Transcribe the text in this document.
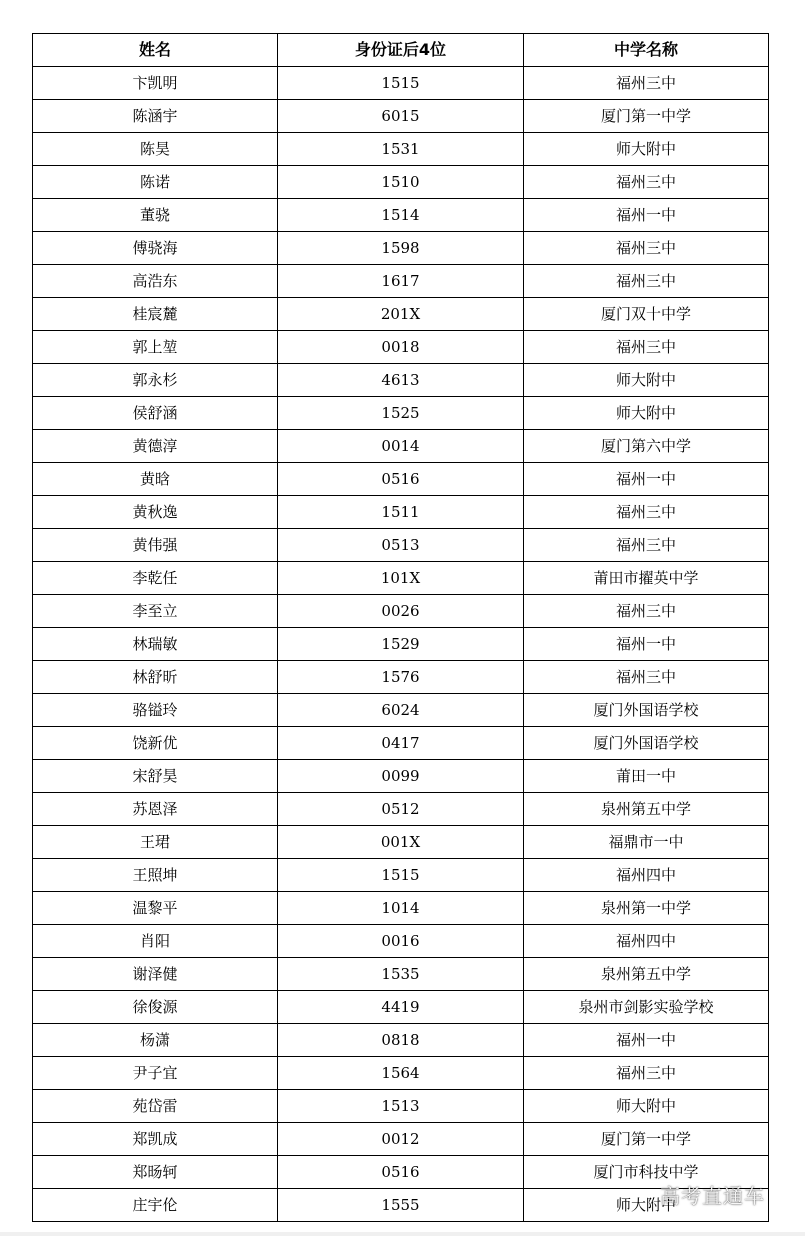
姓名	身份证后4位	中学名称
卞凯明	1515	福州三中
陈涵宇	6015	厦门第一中学
陈昊	1531	师大附中
陈诺	1510	福州三中
董骁	1514	福州一中
傅骁海	1598	福州三中
高浩东	1617	福州三中
桂宸麓	201X	厦门双十中学
郭上堃	0018	福州三中
郭永杉	4613	师大附中
侯舒涵	1525	师大附中
黄德淳	0014	厦门第六中学
黄晗	0516	福州一中
黄秋逸	1511	福州三中
黄伟强	0513	福州三中
李乾任	101X	莆田市擢英中学
李至立	0026	福州三中
林瑞敏	1529	福州一中
林舒昕	1576	福州三中
骆镒玲	6024	厦门外国语学校
饶新优	0417	厦门外国语学校
宋舒昊	0099	莆田一中
苏恩泽	0512	泉州第五中学
王珺	001X	福鼎市一中
王照坤	1515	福州四中
温黎平	1014	泉州第一中学
肖阳	0016	福州四中
谢泽健	1535	泉州第五中学
徐俊源	4419	泉州市剑影实验学校
杨潇	0818	福州一中
尹子宜	1564	福州三中
苑岱雷	1513	师大附中
郑凯成	0012	厦门第一中学
郑旸轲	0516	厦门市科技中学
庄宇伦	1555	师大附中
高考直通车
